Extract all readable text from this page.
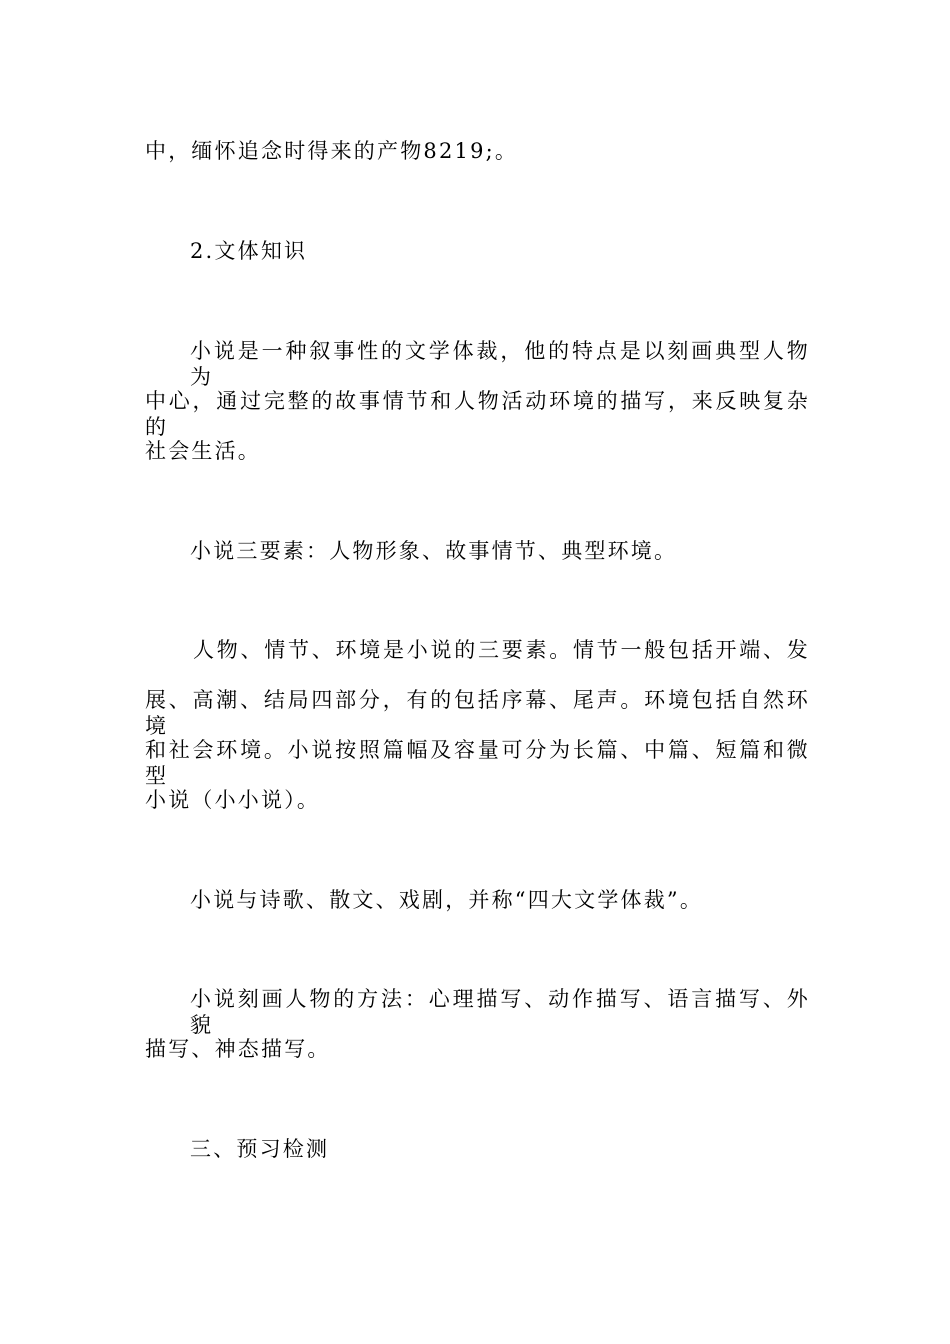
中，缅怀追念时得来的产物8219;。
2.文体知识
小说是一种叙事性的文学体裁，他的特点是以刻画典型人物为
中心，通过完整的故事情节和人物活动环境的描写，来反映复杂的
社会生活。
小说三要素：人物形象、故事情节、典型环境。
人物、情节、环境是小说的三要素。情节一般包括开端、发
展、高潮、结局四部分，有的包括序幕、尾声。环境包括自然环境
和社会环境。小说按照篇幅及容量可分为长篇、中篇、短篇和微型
小说（小小说）。
小说与诗歌、散文、戏剧，并称“四大文学体裁”。
小说刻画人物的方法：心理描写、动作描写、语言描写、外貌
描写、神态描写。
三、预习检测
